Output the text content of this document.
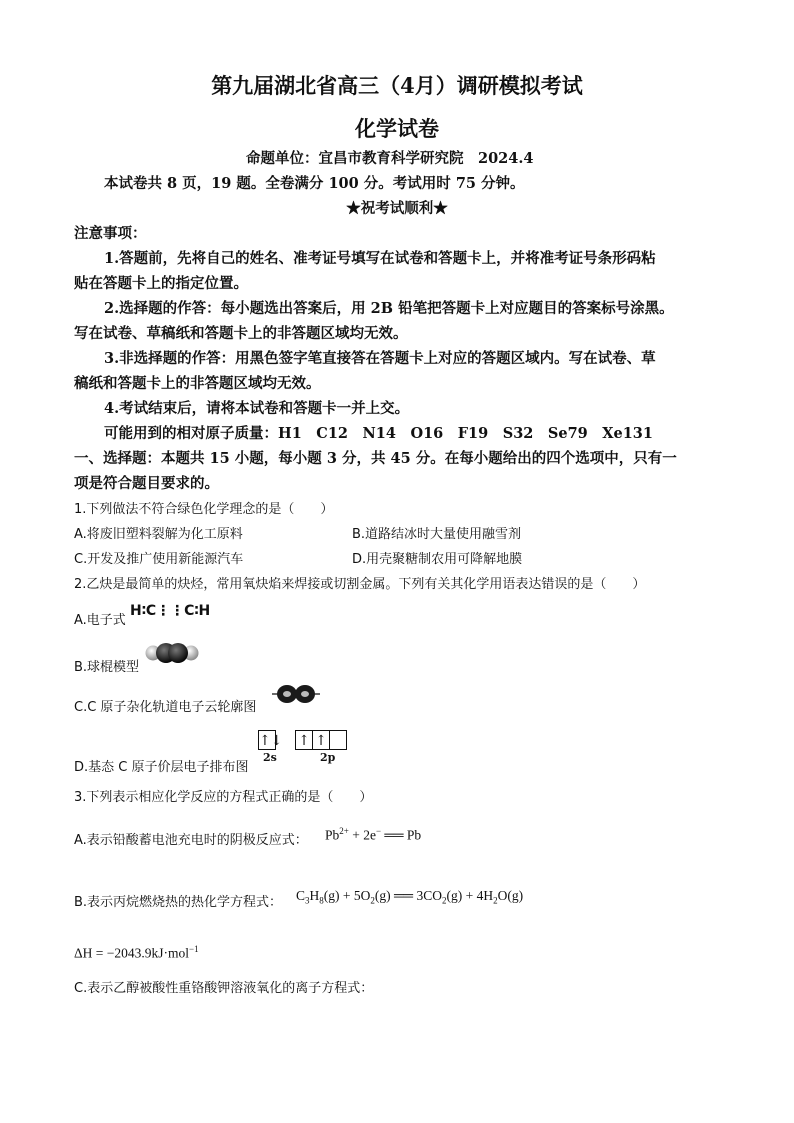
第九届湖北省高三（4月）调研模拟考试
化学试卷
命题单位：宜昌市教育科学研究院　2024.4
本试卷共 8 页，19 题。全卷满分 100 分。考试用时 75 分钟。
★祝考试顺利★
注意事项：
1.答题前，先将自己的姓名、准考证号填写在试卷和答题卡上，并将准考证号条形码粘
贴在答题卡上的指定位置。
2.选择题的作答：每小题选出答案后，用 2B 铅笔把答题卡上对应题目的答案标号涂黑。
写在试卷、草稿纸和答题卡上的非答题区域均无效。
3.非选择题的作答：用黑色签字笔直接答在答题卡上对应的答题区域内。写在试卷、草
稿纸和答题卡上的非答题区域均无效。
4.考试结束后，请将本试卷和答题卡一并上交。
可能用到的相对原子质量：H1　C12　N14　O16　F19　S32　Se79　Xe131
一、选择题：本题共 15 小题，每小题 3 分，共 45 分。在每小题给出的四个选项中，只有一
项是符合题目要求的。
1.下列做法不符合绿色化学理念的是（　　）
A.将废旧塑料裂解为化工原料	B.道路结冰时大量使用融雪剂
C.开发及推广使用新能源汽车	D.用壳聚糖制农用可降解地膜
2.乙炔是最简单的炔烃，常用氧炔焰来焊接或切割金属。下列有关其化学用语表达错误的是（　　）
A.电子式
H∶C⋮⋮C∶H
B.球棍模型
C.C 原子杂化轨道电子云轮廓图
D.基态 C 原子价层电子排布图
↑↓ ↑ ↑
2s	2p
3.下列表示相应化学反应的方程式正确的是（　　）
A.表示铅酸蓄电池充电时的阴极反应式： $Pb^{2+} + 2e^-$ ══ Pb
B.表示丙烷燃烧热的热化学方程式： $C_3H_8(g) + 5O_2(g)$ ══ $3CO_2(g) + 4H_2O(g)$
ΔH = −2043.9kJ·mol$^{-1}$
C.表示乙醇被酸性重铬酸钾溶液氧化的离子方程式：
